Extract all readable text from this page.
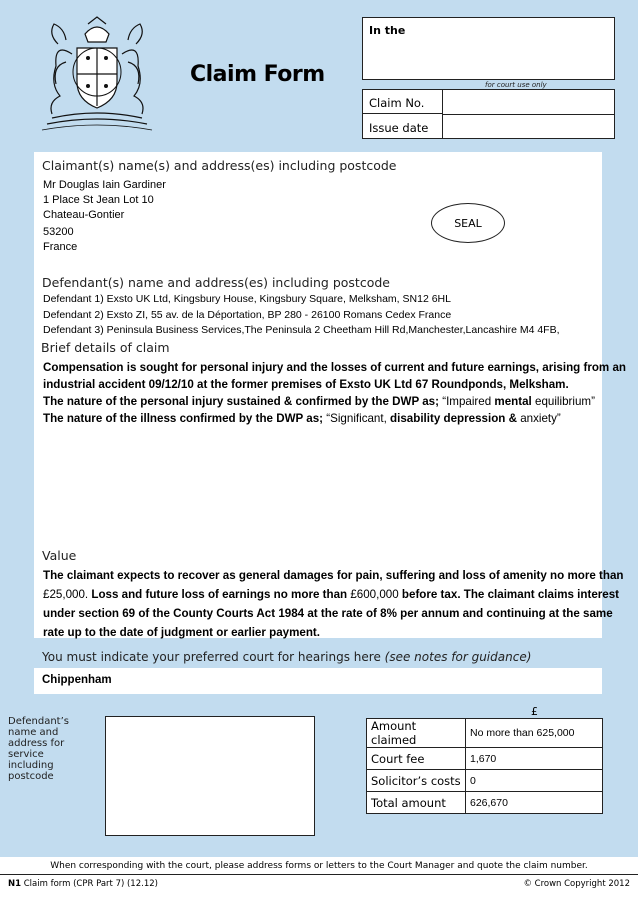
Claim Form
In the
for court use only
Claim No.
Issue date
Claimant(s) name(s) and address(es) including postcode
Mr Douglas Iain Gardiner
1 Place St Jean Lot 10
Chateau-Gontier
53200
France
SEAL
Defendant(s) name and address(es) including postcode
Defendant 1) Exsto UK Ltd, Kingsbury House, Kingsbury Square, Melksham, SN12 6HL
Defendant 2) Exsto ZI, 55 av. de la Déportation, BP 280 - 26100 Romans Cedex France
Defendant 3) Peninsula Business Services,The Peninsula 2 Cheetham Hill Rd,Manchester,Lancashire M4 4FB,
Brief details of claim
Compensation is sought for personal injury and the losses of current and future earnings, arising from an
industrial accident 09/12/10 at the former premises of Exsto UK Ltd 67 Roundponds, Melksham.
The nature of the personal injury sustained & confirmed by the DWP as; “Impaired mental equilibrium”
The nature of the illness confirmed by the DWP as; “Significant, disability depression & anxiety”
Value
The claimant expects to recover as general damages for pain, suffering and loss of amenity no more than
£25,000. Loss and future loss of earnings no more than £600,000 before tax. The claimant claims interest
under section 69 of the County Courts Act 1984 at the rate of 8% per annum and continuing at the same
rate up to the date of judgment or earlier payment.
You must indicate your preferred court for hearings here (see notes for guidance)
Chippenham
Defendant’s name and address for service including postcode
£
Amount claimed	No more than 625,000
Court fee	1,670
Solicitor’s costs	0
Total amount	626,670
When corresponding with the court, please address forms or letters to the Court Manager and quote the claim number.
N1 Claim form (CPR Part 7) (12.12)	© Crown Copyright 2012
